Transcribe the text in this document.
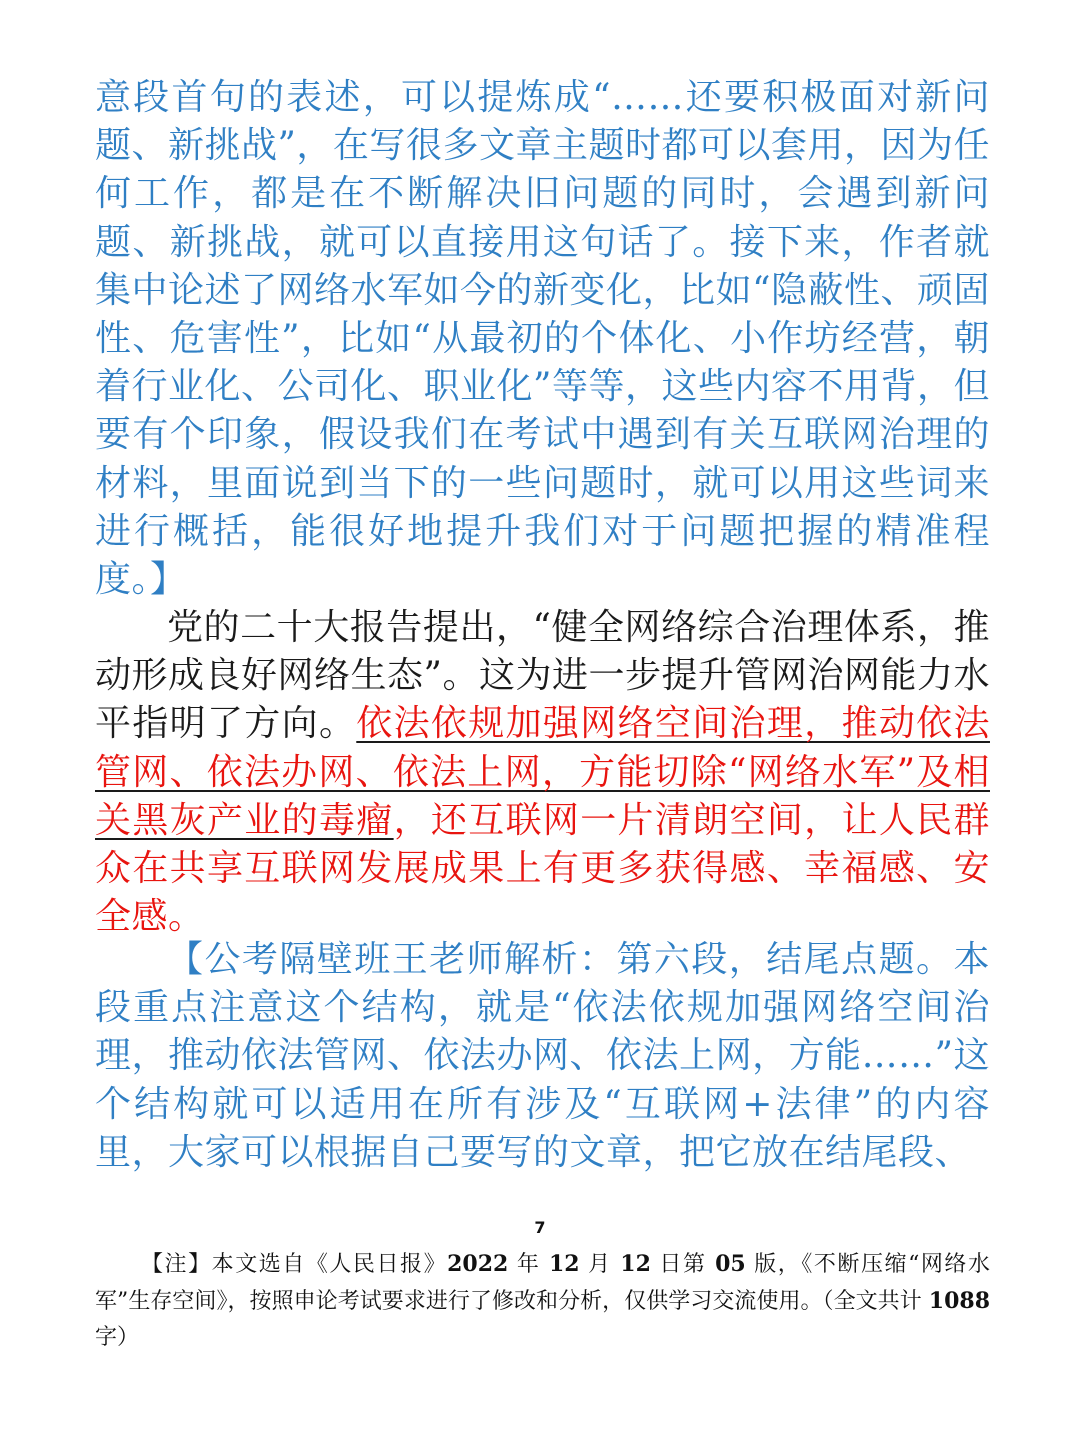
意段首句的表述，可以提炼成“……还要积极面对新问题、新挑战”，在写很多文章主题时都可以套用，因为任何工作，都是在不断解决旧问题的同时，会遇到新问题、新挑战，就可以直接用这句话了。接下来，作者就集中论述了网络水军如今的新变化，比如“隐蔽性、顽固性、危害性”，比如“从最初的个体化、小作坊经营，朝着行业化、公司化、职业化”等等，这些内容不用背，但要有个印象，假设我们在考试中遇到有关互联网治理的材料，里面说到当下的一些问题时，就可以用这些词来进行概括，能很好地提升我们对于问题把握的精准程度。】
党的二十大报告提出，“健全网络综合治理体系，推动形成良好网络生态”。这为进一步提升管网治网能力水平指明了方向。依法依规加强网络空间治理，推动依法管网、依法办网、依法上网，方能切除“网络水军”及相关黑灰产业的毒瘤，还互联网一片清朗空间，让人民群众在共享互联网发展成果上有更多获得感、幸福感、安全感。
【公考隔壁班王老师解析：第六段，结尾点题。本段重点注意这个结构，就是“依法依规加强网络空间治理，推动依法管网、依法办网、依法上网，方能……”这个结构就可以适用在所有涉及“互联网+法律”的内容里，大家可以根据自己要写的文章，把它放在结尾段、
7
【注】本文选自《人民日报》2022 年 12 月 12 日第 05 版，《不断压缩“网络水军”生存空间》，按照申论考试要求进行了修改和分析，仅供学习交流使用。（全文共计 1088 字）
